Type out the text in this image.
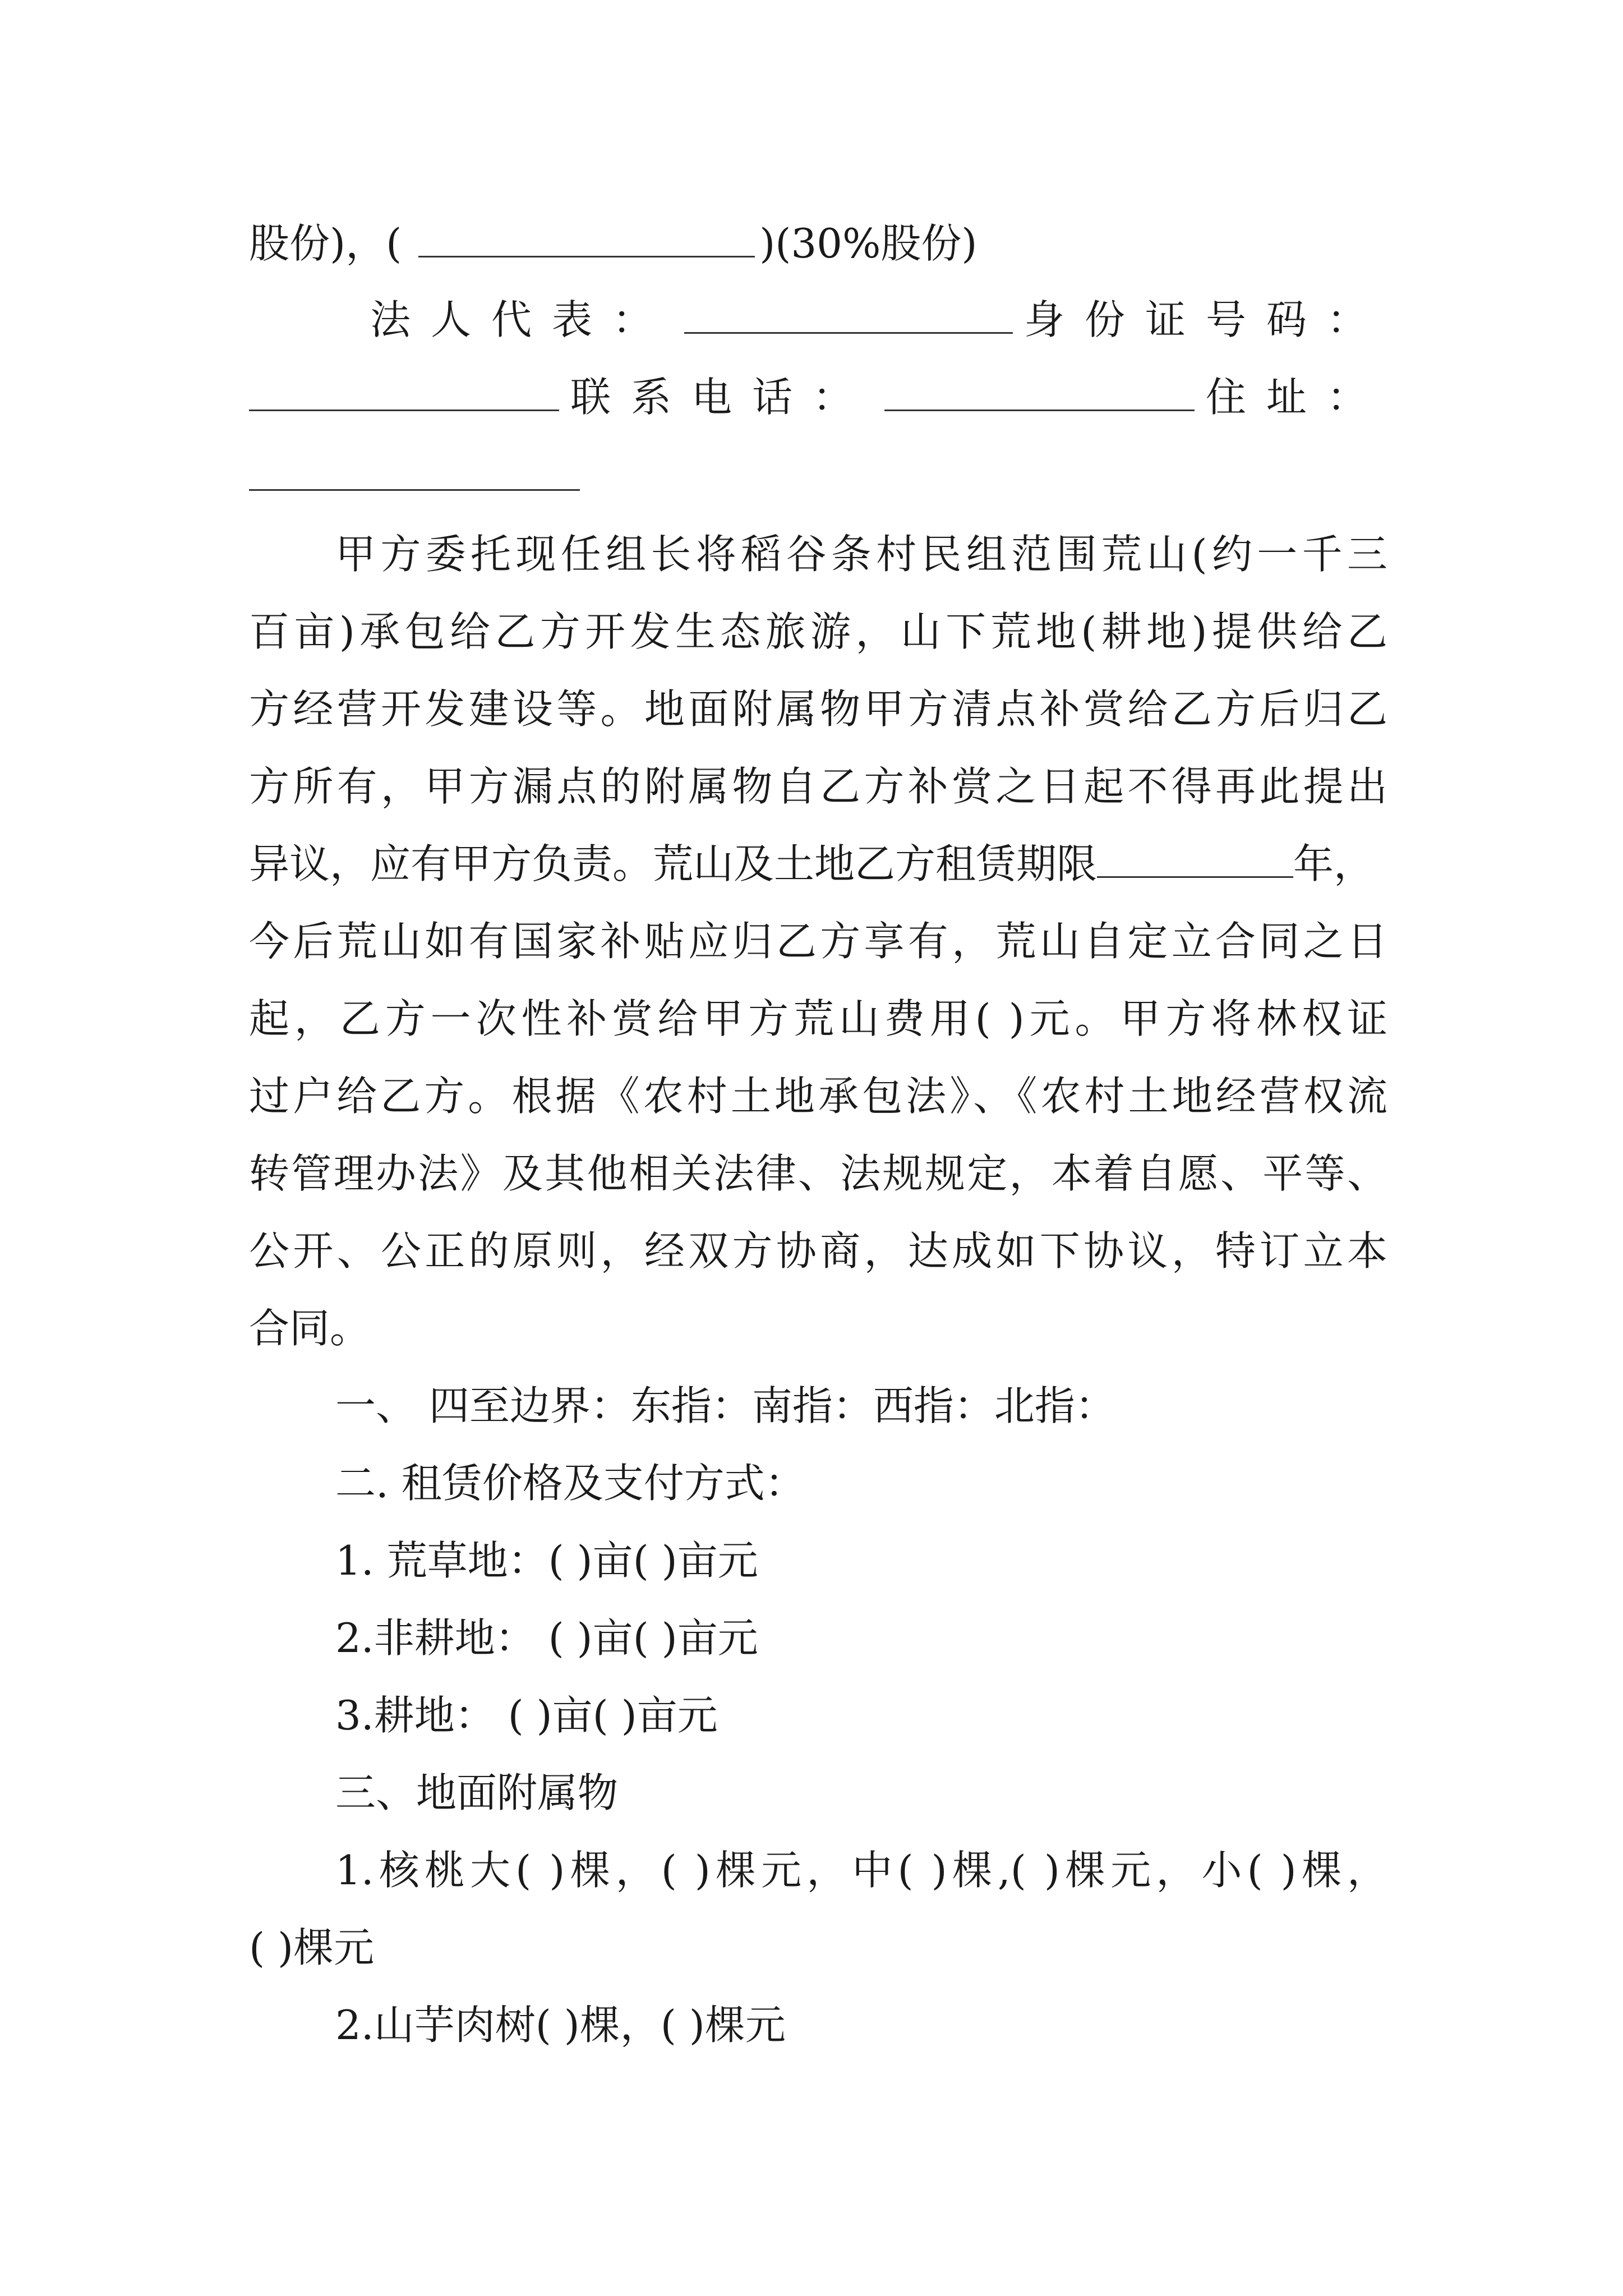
股份)，(	)(30%股份)
法人代表：	身份证号码：
联系电话：	住址：
甲方委托现任组长将稻谷条村民组范围荒山(约一千三
百亩)承包给乙方开发生态旅游，山下荒地(耕地)提供给乙
方经营开发建设等。地面附属物甲方清点补赏给乙方后归乙
方所有，甲方漏点的附属物自乙方补赏之日起不得再此提出
异议，应有甲方负责。荒山及土地乙方租赁期限	年，
今后荒山如有国家补贴应归乙方享有，荒山自定立合同之日
起，乙方一次性补赏给甲方荒山费用( )元。甲方将林权证
过户给乙方。根据《农村土地承包法》、《农村土地经营权流
转管理办法》及其他相关法律、法规规定，本着自愿、平等、
公开、公正的原则，经双方协商，达成如下协议，特订立本
合同。
一、 四至边界：东指：南指：西指：北指：
二. 租赁价格及支付方式：
1. 荒草地：( )亩( )亩元
2.非耕地： ( )亩( )亩元
3.耕地： ( )亩( )亩元
三、地面附属物
1.核桃大( )棵，( )棵元，中( )棵,( )棵元，小( )棵，
( )棵元
2.山芋肉树( )棵，( )棵元
